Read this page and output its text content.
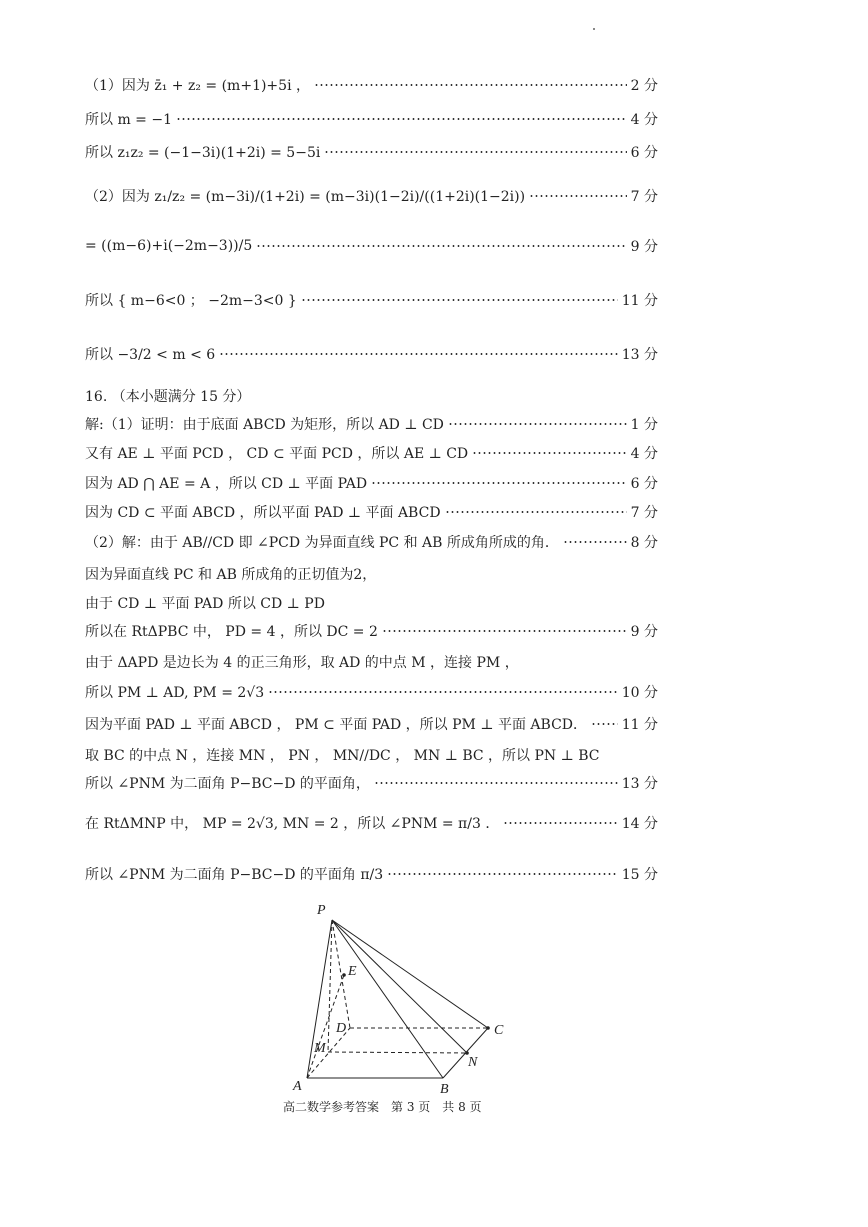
（1）因为 z̄₁ + z₂ = (m+1)+5i ，	2 分
所以 m = −1	4 分
所以 z₁z₂ = (−1−3i)(1+2i) = 5−5i	6 分
（2）因为 z₁/z₂ = (m−3i)/(1+2i) = (m−3i)(1−2i)/((1+2i)(1−2i))	7 分
= ((m−6)+i(−2m−3))/5	9 分
所以 { m−6<0 ； −2m−3<0 }	11 分
所以 −3/2 < m < 6	13 分
16. （本小题满分 15 分）
解:（1）证明：由于底面 ABCD 为矩形，所以 AD ⊥ CD	1 分
又有 AE ⊥ 平面 PCD ， CD ⊂ 平面 PCD ，所以 AE ⊥ CD	4 分
因为 AD ⋂ AE = A ，所以 CD ⊥ 平面 PAD	6 分
因为 CD ⊂ 平面 ABCD ，所以平面 PAD ⊥ 平面 ABCD	7 分
（2）解：由于 AB//CD 即 ∠PCD 为异面直线 PC 和 AB 所成角所成的角．	8 分
因为异面直线 PC 和 AB 所成角的正切值为2，
由于 CD ⊥ 平面 PAD 所以 CD ⊥ PD
所以在 RtΔPBC 中， PD = 4 ，所以 DC = 2	9 分
由于 ΔAPD 是边长为 4 的正三角形，取 AD 的中点 M ，连接 PM ，
所以 PM ⊥ AD, PM = 2√3	10 分
因为平面 PAD ⊥ 平面 ABCD ， PM ⊂ 平面 PAD ，所以 PM ⊥ 平面 ABCD． 11 分
取 BC 的中点 N ，连接 MN ， PN ， MN//DC ， MN ⊥ BC ，所以 PN ⊥ BC
所以 ∠PNM 为二面角 P−BC−D 的平面角，	13 分
在 RtΔMNP 中， MP = 2√3, MN = 2 ，所以 ∠PNM = π/3 ．	14 分
所以 ∠PNM 为二面角 P−BC−D 的平面角 π/3	15 分
P
E
D	C
M
N
A	B
高二数学参考答案　第 3 页　共 8 页
